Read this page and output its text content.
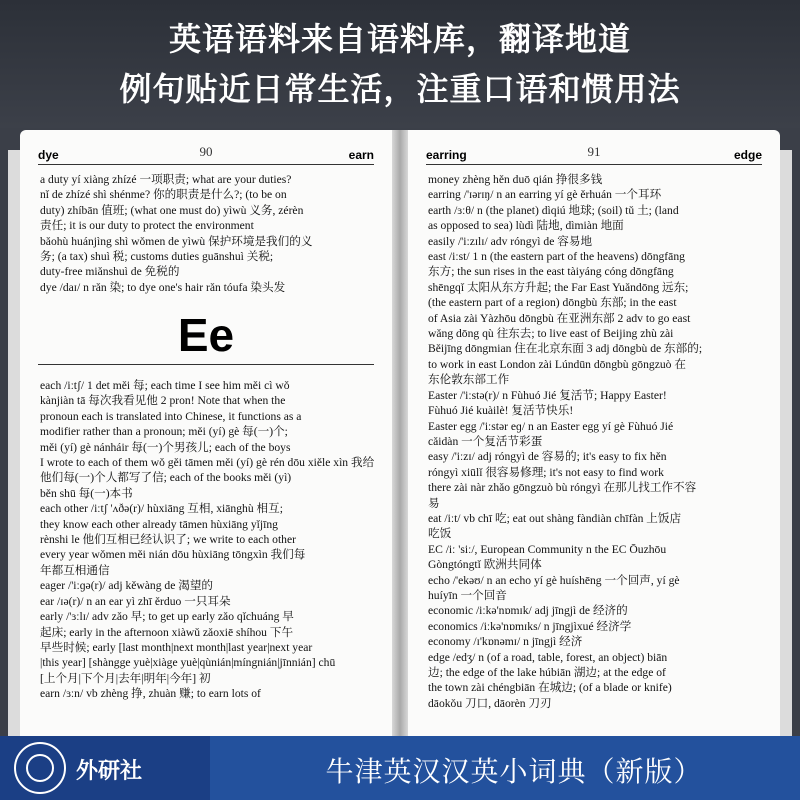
英语语料来自语料库，翻译地道
例句贴近日常生活，注重口语和惯用法
dye	90	earn

a duty yí xiàng zhízé 一项职责; what are your duties?

nǐ de zhízé shì shénme? 你的职责是什么?; (to be on

duty) zhíbān 值班; (what one must do) yìwù 义务, zérèn

责任; it is our duty to protect the environment

bǎohù huánjìng shì wǒmen de yìwù 保护环境是我们的义

务; (a tax) shuì 税; customs duties guānshuì 关税;

duty-free miǎnshuì de 免税的

dye /daɪ/ n rǎn 染; to dye one's hair rǎn tóufa 染头发

Ee

each /iːtʃ/ 1 det měi 每; each time I see him měi cì wǒ

kànjiàn tā 每次我看见他 2 pron! Note that when the

pronoun each is translated into Chinese, it functions as a

modifier rather than a pronoun; měi (yí) gè 每(一)个;

měi (yí) gè nánháir 每(一)个男孩儿; each of the boys

I wrote to each of them wǒ gěi tāmen měi (yí) gè rén dōu xiěle xìn 我给

他们每(一)个人都写了信; each of the books měi (yì)

běn shū 每(一)本书

each other /iːtʃ 'ʌðə(r)/ hùxiāng 互相, xiānghù 相互;

they know each other already tāmen hùxiāng yǐjīng

rènshi le 他们互相已经认识了; we write to each other

every year wǒmen měi nián dōu hùxiāng tōngxìn 我们每

年都互相通信

eager /'iːɡə(r)/ adj kěwàng de 渴望的

ear /ɪə(r)/ n an ear yì zhī ěrduo 一只耳朵

early /'ɜːlɪ/ adv zǎo 早; to get up early zǎo qǐchuáng 早

起床; early in the afternoon xiàwǔ zǎoxiē shíhou 下午

早些时候; early [last month|next month|last year|next year

|this year] [shàngge yuè|xiàge yuè|qùnián|míngnián|jīnnián] chū

[上个月|下个月|去年|明年|今年] 初

earn /ɜːn/ vb zhèng 挣, zhuàn 赚; to earn lots of

earring	91	edge

money zhèng hěn duō qián 挣很多钱

earring /'ɪərɪŋ/ n an earring yí gè ěrhuán 一个耳环

earth /ɜːθ/ n (the planet) dìqiú 地球; (soil) tǔ 土; (land

as opposed to sea) lùdì 陆地, dìmiàn 地面

easily /'iːzɪlɪ/ adv róngyì de 容易地

east /iːst/ 1 n (the eastern part of the heavens) dōngfāng

东方; the sun rises in the east tàiyáng cóng dōngfāng

shēngqǐ 太阳从东方升起; the Far East Yuǎndōng 远东;

(the eastern part of a region) dōngbù 东部; in the east

of Asia zài Yàzhōu dōngbù 在亚洲东部 2 adv to go east

wǎng dōng qù 往东去; to live east of Beijing zhù zài

Běijīng dōngmian 住在北京东面 3 adj dōngbù de 东部的;

to work in east London zài Lúndūn dōngbù gōngzuò 在

东伦敦东部工作

Easter /'iːstə(r)/ n Fùhuó Jié 复活节; Happy Easter!

Fùhuó Jié kuàilè! 复活节快乐!

Easter egg /'iːstər eɡ/ n an Easter egg yí gè Fùhuó Jié

cǎidàn 一个复活节彩蛋

easy /'iːzɪ/ adj róngyì de 容易的; it's easy to fix hěn

róngyì xiūlǐ 很容易修理; it's not easy to find work

there zài nàr zhǎo gōngzuò bù róngyì 在那儿找工作不容

易

eat /iːt/ vb chī 吃; eat out shàng fàndiàn chīfàn 上饭店

吃饭

EC /iː 'siː/, European Community n the EC Ōuzhōu

Gòngtóngtǐ 欧洲共同体

echo /'ekəʊ/ n an echo yí gè huíshēng 一个回声, yí gè

huíyīn 一个回音

economic /iːkə'nɒmɪk/ adj jīngjì de 经济的

economics /iːkə'nɒmɪks/ n jīngjìxué 经济学

economy /ɪ'kɒnəmɪ/ n jīngjì 经济

edge /edʒ/ n (of a road, table, forest, an object) biān

边; the edge of the lake húbiān 湖边; at the edge of

the town zài chéngbiān 在城边; (of a blade or knife)

dāokǒu 刀口, dāorèn 刀刃

外研社	牛津英汉汉英小词典（新版）
